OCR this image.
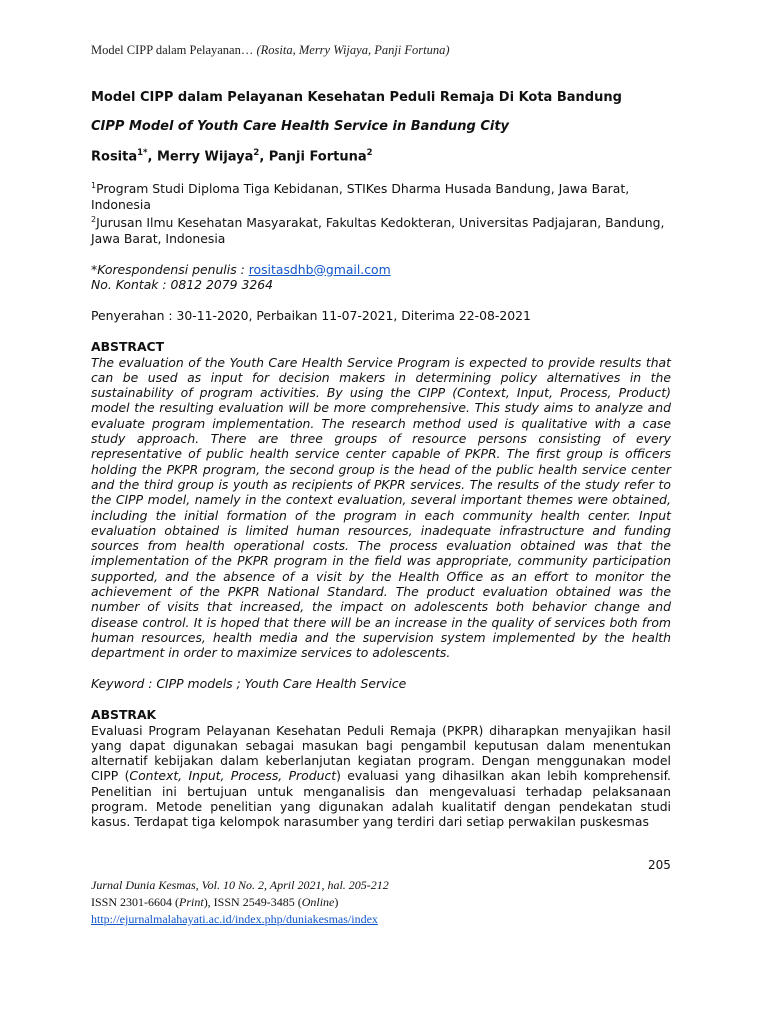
Model CIPP dalam Pelayanan… (Rosita, Merry Wijaya, Panji Fortuna)
Model CIPP dalam Pelayanan Kesehatan Peduli Remaja Di Kota Bandung
CIPP Model of Youth Care Health Service in Bandung City
Rosita$^{1*}$, Merry Wijaya$^2$, Panji Fortuna$^2$

$^1$Program Studi Diploma Tiga Kebidanan, STIKes Dharma Husada Bandung, Jawa Barat, Indonesia

$^2$Jurusan Ilmu Kesehatan Masyarakat, Fakultas Kedokteran, Universitas Padjajaran, Bandung, Jawa Barat, Indonesia

*Korespondensi penulis : rositasdhb@gmail.com
No. Kontak : 0812 2079 3264
Penyerahan : 30-11-2020, Perbaikan 11-07-2021, Diterima 22-08-2021
ABSTRACT

The evaluation of the Youth Care Health Service Program is expected to provide results that can be used as input for decision makers in determining policy alternatives in the sustainability of program activities. By using the CIPP (Context, Input, Process, Product) model the resulting evaluation will be more comprehensive. This study aims to analyze and evaluate program implementation. The research method used is qualitative with a case study approach. There are three groups of resource persons consisting of every representative of public health service center capable of PKPR. The first group is officers holding the PKPR program, the second group is the head of the public health service center and the third group is youth as recipients of PKPR services. The results of the study refer to the CIPP model, namely in the context evaluation, several important themes were obtained, including the initial formation of the program in each community health center. Input evaluation obtained is limited human resources, inadequate infrastructure and funding sources from health operational costs. The process evaluation obtained was that the implementation of the PKPR program in the field was appropriate, community participation supported, and the absence of a visit by the Health Office as an effort to monitor the achievement of the PKPR National Standard. The product evaluation obtained was the number of visits that increased, the impact on adolescents both behavior change and disease control. It is hoped that there will be an increase in the quality of services both from human resources, health media and the supervision system implemented by the health department in order to maximize services to adolescents.

Keyword : CIPP models ; Youth Care Health Service
ABSTRAK

Evaluasi Program Pelayanan Kesehatan Peduli Remaja (PKPR) diharapkan menyajikan hasil yang dapat digunakan sebagai masukan bagi pengambil keputusan dalam menentukan alternatif kebijakan dalam keberlanjutan kegiatan program. Dengan menggunakan model CIPP (Context, Input, Process, Product) evaluasi yang dihasilkan akan lebih komprehensif. Penelitian ini bertujuan untuk menganalisis dan mengevaluasi terhadap pelaksanaan program. Metode penelitian yang digunakan adalah kualitatif dengan pendekatan studi kasus. Terdapat tiga kelompok narasumber yang terdiri dari setiap perwakilan puskesmas

205
Jurnal Dunia Kesmas, Vol. 10 No. 2, April 2021, hal. 205-212
ISSN 2301-6604 (Print), ISSN 2549-3485 (Online)
http://ejurnalmalahayati.ac.id/index.php/duniakesmas/index
